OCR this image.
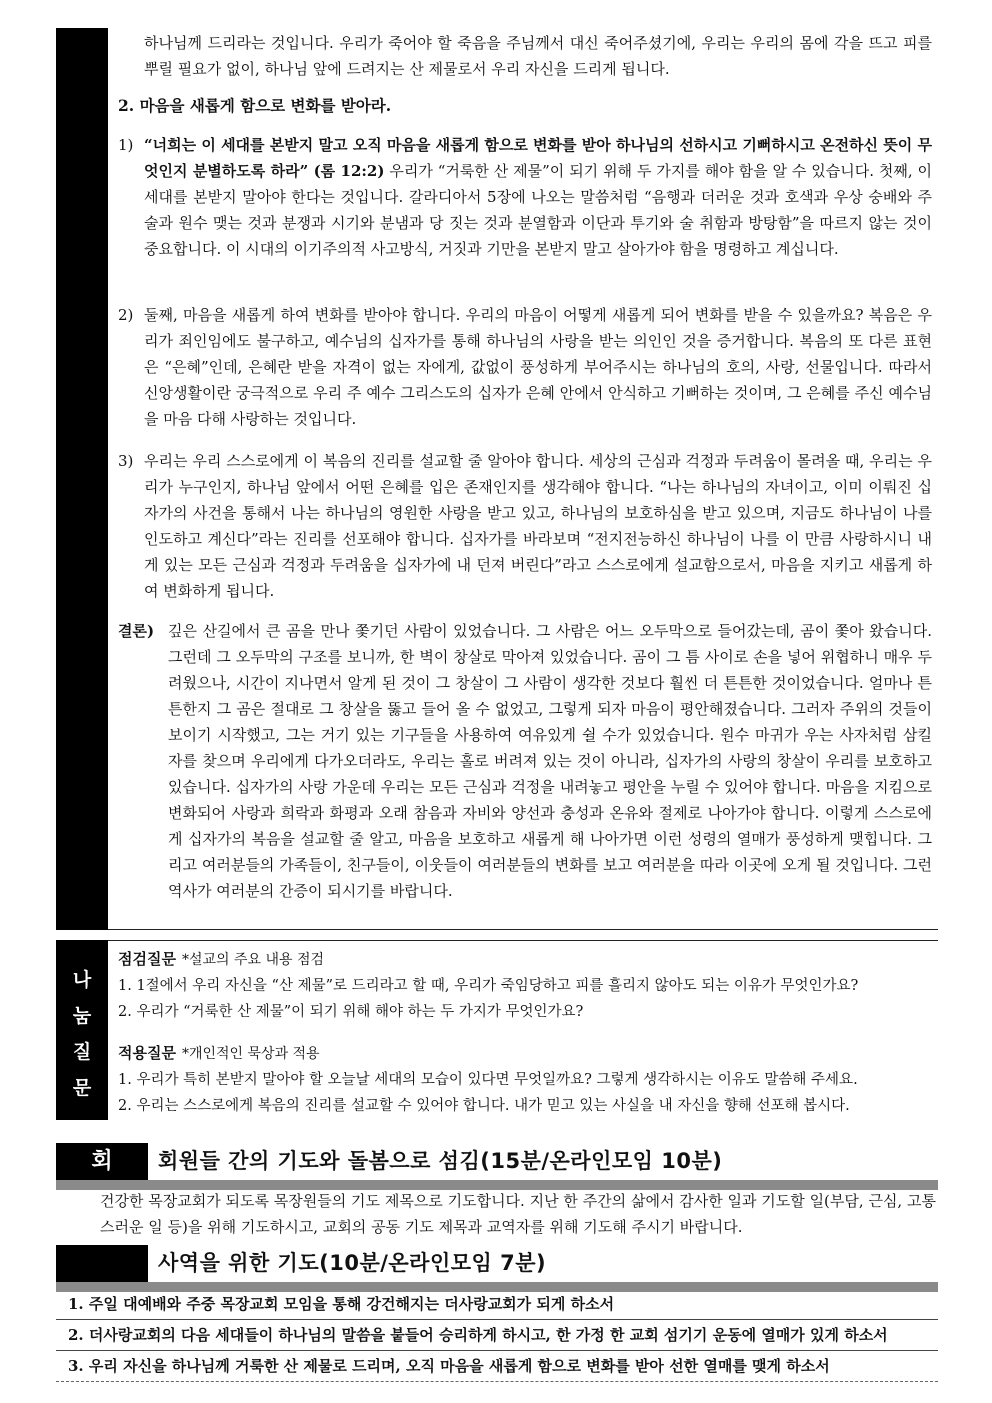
하나님께 드리라는 것입니다. 우리가 죽어야 할 죽음을 주님께서 대신 죽어주셨기에, 우리는 우리의 몸에 각을 뜨고 피를 뿌릴 필요가 없이, 하나님 앞에 드려지는 산 제물로서 우리 자신을 드리게 됩니다.
2. 마음을 새롭게 함으로 변화를 받아라.
1) “너희는 이 세대를 본받지 말고 오직 마음을 새롭게 함으로 변화를 받아 하나님의 선하시고 기뻐하시고 온전하신 뜻이 무엇인지 분별하도록 하라” (롬 12:2) 우리가 “거룩한 산 제물”이 되기 위해 두 가지를 해야 함을 알 수 있습니다. 첫째, 이 세대를 본받지 말아야 한다는 것입니다. 갈라디아서 5장에 나오는 말씀처럼 “음행과 더러운 것과 호색과 우상 숭배와 주술과 원수 맺는 것과 분쟁과 시기와 분냄과 당 짓는 것과 분열함과 이단과 투기와 술 취함과 방탕함”을 따르지 않는 것이 중요합니다. 이 시대의 이기주의적 사고방식, 거짓과 기만을 본받지 말고 살아가야 함을 명령하고 계십니다.
2) 둘째, 마음을 새롭게 하여 변화를 받아야 합니다. 우리의 마음이 어떻게 새롭게 되어 변화를 받을 수 있을까요? 복음은 우리가 죄인임에도 불구하고, 예수님의 십자가를 통해 하나님의 사랑을 받는 의인인 것을 증거합니다. 복음의 또 다른 표현은 “은혜”인데, 은혜란 받을 자격이 없는 자에게, 값없이 풍성하게 부어주시는 하나님의 호의, 사랑, 선물입니다. 따라서 신앙생활이란 궁극적으로 우리 주 예수 그리스도의 십자가 은혜 안에서 안식하고 기뻐하는 것이며, 그 은혜를 주신 예수님을 마음 다해 사랑하는 것입니다.
3) 우리는 우리 스스로에게 이 복음의 진리를 설교할 줄 알아야 합니다. 세상의 근심과 걱정과 두려움이 몰려올 때, 우리는 우리가 누구인지, 하나님 앞에서 어떤 은혜를 입은 존재인지를 생각해야 합니다. “나는 하나님의 자녀이고, 이미 이뤄진 십자가의 사건을 통해서 나는 하나님의 영원한 사랑을 받고 있고, 하나님의 보호하심을 받고 있으며, 지금도 하나님이 나를 인도하고 계신다”라는 진리를 선포해야 합니다. 십자가를 바라보며 “전지전능하신 하나님이 나를 이 만큼 사랑하시니 내게 있는 모든 근심과 걱정과 두려움을 십자가에 내 던져 버린다”라고 스스로에게 설교함으로서, 마음을 지키고 새롭게 하여 변화하게 됩니다.
결론) 깊은 산길에서 큰 곰을 만나 쫓기던 사람이 있었습니다. 그 사람은 어느 오두막으로 들어갔는데, 곰이 쫓아 왔습니다. 그런데 그 오두막의 구조를 보니까, 한 벽이 창살로 막아져 있었습니다. 곰이 그 틈 사이로 손을 넣어 위협하니 매우 두려웠으나, 시간이 지나면서 알게 된 것이 그 창살이 그 사람이 생각한 것보다 훨씬 더 튼튼한 것이었습니다. 얼마나 튼튼한지 그 곰은 절대로 그 창살을 뚫고 들어 올 수 없었고, 그렇게 되자 마음이 평안해졌습니다. 그러자 주위의 것들이 보이기 시작했고, 그는 거기 있는 기구들을 사용하여 여유있게 쉴 수가 있었습니다. 원수 마귀가 우는 사자처럼 삼킬 자를 찾으며 우리에게 다가오더라도, 우리는 홀로 버려져 있는 것이 아니라, 십자가의 사랑의 창살이 우리를 보호하고 있습니다. 십자가의 사랑 가운데 우리는 모든 근심과 걱정을 내려놓고 평안을 누릴 수 있어야 합니다. 마음을 지킴으로 변화되어 사랑과 희락과 화평과 오래 참음과 자비와 양선과 충성과 온유와 절제로 나아가야 합니다. 이렇게 스스로에게 십자가의 복음을 설교할 줄 알고, 마음을 보호하고 새롭게 해 나아가면 이런 성령의 열매가 풍성하게 맺힙니다. 그리고 여러분들의 가족들이, 친구들이, 이웃들이 여러분들의 변화를 보고 여러분을 따라 이곳에 오게 될 것입니다. 그런 역사가 여러분의 간증이 되시기를 바랍니다.
나
눔
질
문
점검질문 *설교의 주요 내용 점검
1. 1절에서 우리 자신을 “산 제물”로 드리라고 할 때, 우리가 죽임당하고 피를 흘리지 않아도 되는 이유가 무엇인가요?
2. 우리가 “거룩한 산 제물”이 되기 위해 해야 하는 두 가지가 무엇인가요?
적용질문 *개인적인 묵상과 적용
1. 우리가 특히 본받지 말아야 할 오늘날 세대의 모습이 있다면 무엇일까요? 그렇게 생각하시는 이유도 말씀해 주세요.
2. 우리는 스스로에게 복음의 진리를 설교할 수 있어야 합니다. 내가 믿고 있는 사실을 내 자신을 향해 선포해 봅시다.
회	회원들 간의 기도와 돌봄으로 섬김(15분/온라인모임 10분)
건강한 목장교회가 되도록 목장원들의 기도 제목으로 기도합니다. 지난 한 주간의 삶에서 감사한 일과 기도할 일(부담, 근심, 고통스러운 일 등)을 위해 기도하시고, 교회의 공동 기도 제목과 교역자를 위해 기도해 주시기 바랍니다.
사역을 위한 기도(10분/온라인모임 7분)
1. 주일 대예배와 주중 목장교회 모임을 통해 강건해지는 더사랑교회가 되게 하소서
2. 더사랑교회의 다음 세대들이 하나님의 말씀을 붙들어 승리하게 하시고, 한 가정 한 교회 섬기기 운동에 열매가 있게 하소서
3. 우리 자신을 하나님께 거룩한 산 제물로 드리며, 오직 마음을 새롭게 함으로 변화를 받아 선한 열매를 맺게 하소서
